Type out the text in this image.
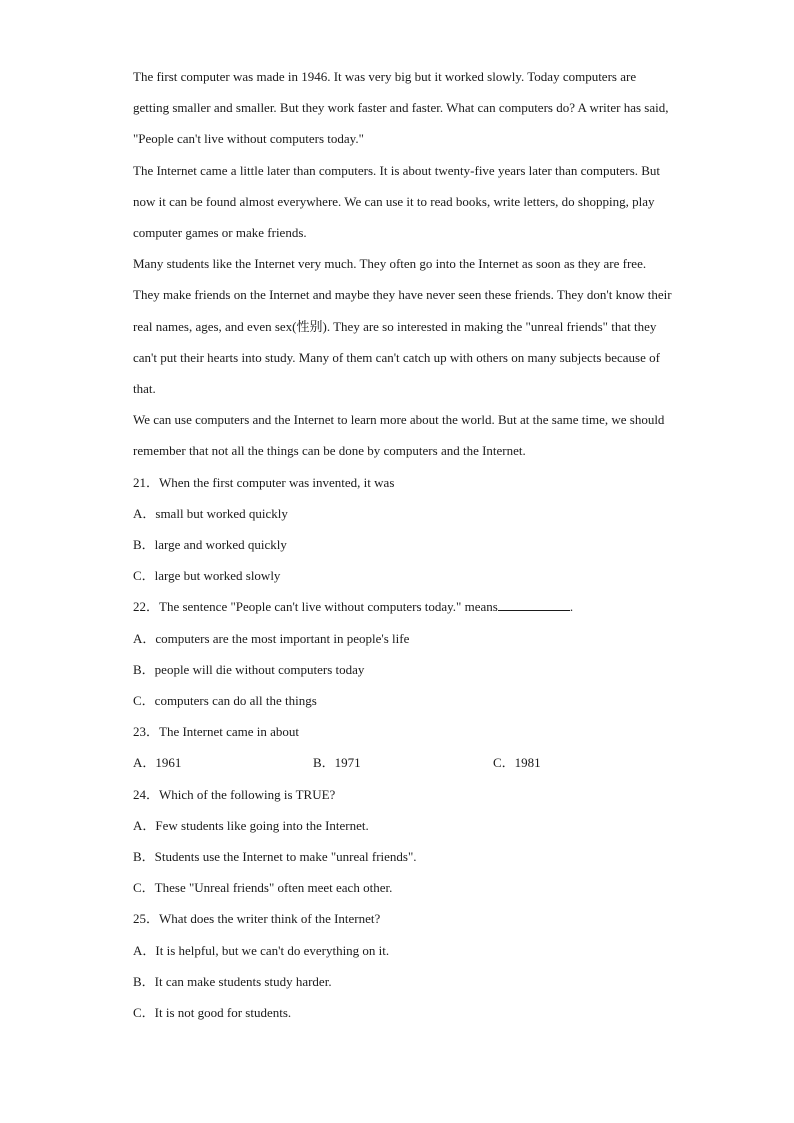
The first computer was made in 1946. It was very big but it worked slowly. Today computers are getting smaller and smaller. But they work faster and faster. What can computers do? A writer has said, "People can't live without computers today."

The Internet came a little later than computers. It is about twenty-five years later than computers. But now it can be found almost everywhere. We can use it to read books, write letters, do shopping, play computer games or make friends.

Many students like the Internet very much. They often go into the Internet as soon as they are free. They make friends on the Internet and maybe they have never seen these friends. They don't know their real names, ages, and even sex(性别). They are so interested in making the "unreal friends" that they can't put their hearts into study. Many of them can't catch up with others on many subjects because of that.

We can use computers and the Internet to learn more about the world. But at the same time, we should remember that not all the things can be done by computers and the Internet.

21．When the first computer was invented, it was

A．small but worked quickly

B．large and worked quickly

C．large but worked slowly

22．The sentence "People can't live without computers today." means	.

A．computers are the most important in people's life

B．people will die without computers today

C．computers can do all the things

23．The Internet came in about

A．1961	B．1971	C．1981

24．Which of the following is TRUE?

A．Few students like going into the Internet.

B．Students use the Internet to make "unreal friends".

C．These "Unreal friends" often meet each other.

25．What does the writer think of the Internet?

A．It is helpful, but we can't do everything on it.

B．It can make students study harder.

C．It is not good for students.
